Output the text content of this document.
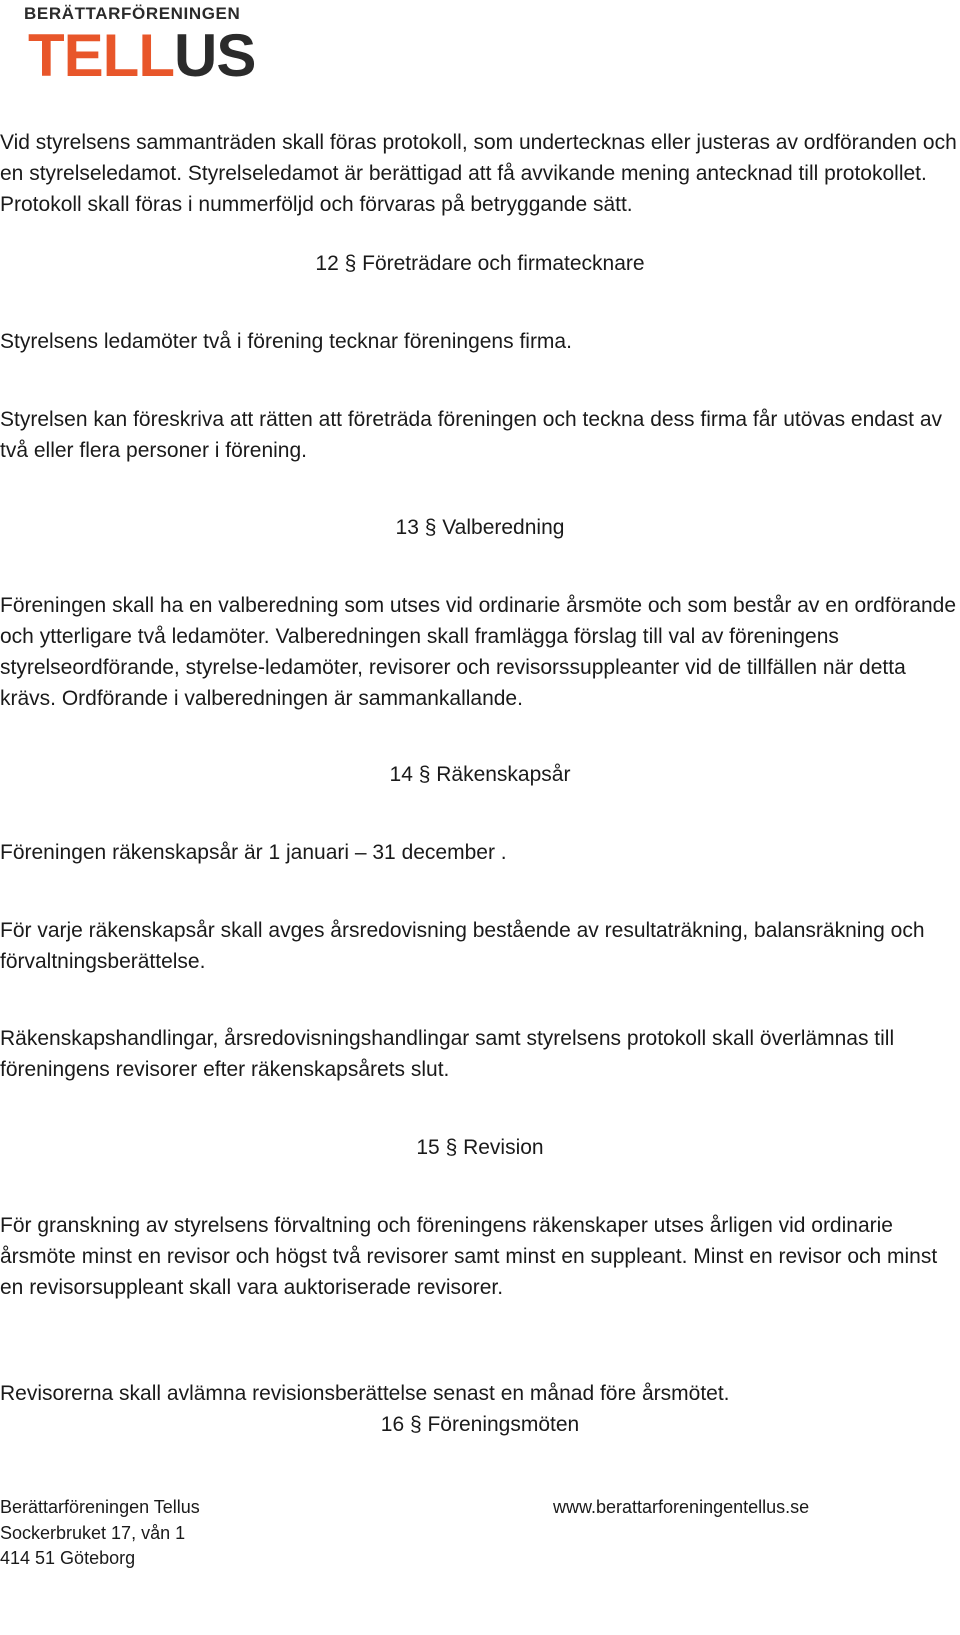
BERÄTTARFÖRENINGEN
TELLUS

Vid styrelsens sammanträden skall föras protokoll, som undertecknas eller justeras av ordföranden och en styrelseledamot. Styrelseledamot är berättigad att få avvikande mening antecknad till protokollet. Protokoll skall föras i nummerföljd och förvaras på betryggande sätt.

12 § Företrädare och firmatecknare

Styrelsens ledamöter två i förening tecknar föreningens firma.

Styrelsen kan föreskriva att rätten att företräda föreningen och teckna dess firma får utövas endast av två eller flera personer i förening.

13 § Valberedning

Föreningen skall ha en valberedning som utses vid ordinarie årsmöte och som består av en ordförande och ytterligare två ledamöter. Valberedningen skall framlägga förslag till val av föreningens styrelseordförande, styrelse-ledamöter, revisorer och revisorssuppleanter vid de tillfällen när detta krävs. Ordförande i valberedningen är sammankallande.

14 § Räkenskapsår

Föreningen räkenskapsår är 1 januari – 31 december .

För varje räkenskapsår skall avges årsredovisning bestående av resultaträkning, balansräkning och förvaltningsberättelse.

Räkenskapshandlingar, årsredovisningshandlingar samt styrelsens protokoll skall överlämnas till föreningens revisorer efter räkenskapsårets slut.

15 § Revision

För granskning av styrelsens förvaltning och föreningens räkenskaper utses årligen vid ordinarie årsmöte minst en revisor och högst två revisorer samt minst en suppleant. Minst en revisor och minst en revisorsuppleant skall vara auktoriserade revisorer.

Revisorerna skall avlämna revisionsberättelse senast en månad före årsmötet.

16 § Föreningsmöten

Berättarföreningen Tellus	www.berattarforeningentellus.se
Sockerbruket 17, vån 1
414 51 Göteborg
